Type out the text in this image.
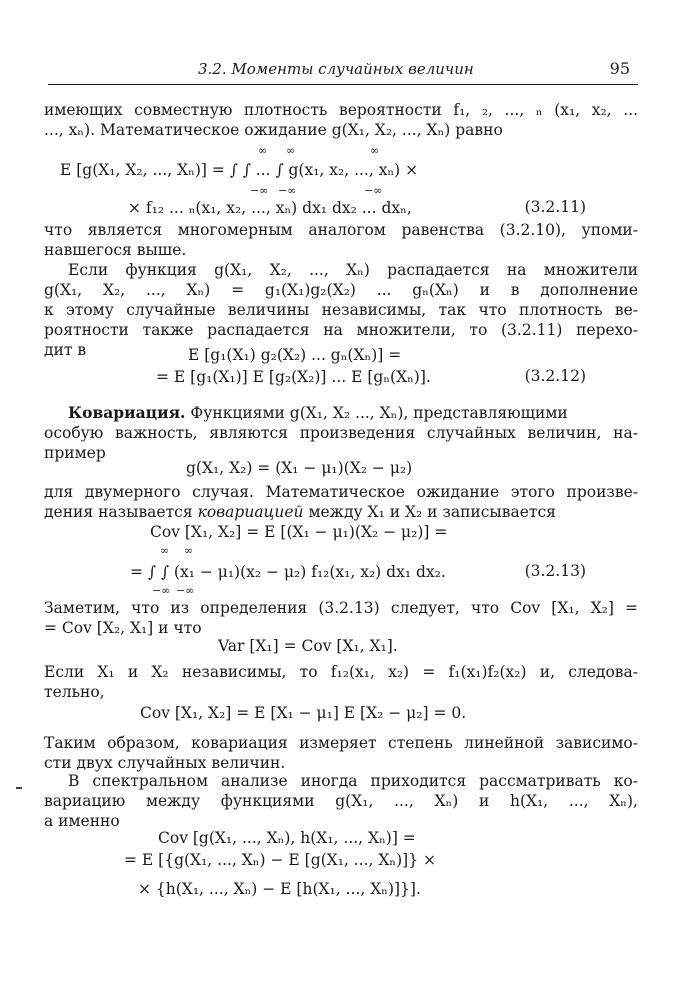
3.2. Моменты случайных величин	95
имеющих совместную плотность вероятности f₁, ₂, ..., ₙ (x₁, x₂, ...
..., xₙ). Математическое ожидание g(X₁, X₂, ..., Xₙ) равно
E [g(X₁, X₂, ..., Xₙ)] = ∫ ∫ ... ∫ g(x₁, x₂, ..., xₙ) ×
∞ ∞	∞
−∞ −∞	−∞
× f₁₂ ... ₙ(x₁, x₂, ..., xₙ) dx₁ dx₂ ... dxₙ,	(3.2.11)
что является многомерным аналогом равенства (3.2.10), упоми-
навшегося выше.
Если функция g(X₁, X₂, ..., Xₙ) распадается на множители
g(X₁, X₂, ..., Xₙ) = g₁(X₁)g₂(X₂) ... gₙ(Xₙ) и в дополнение
к этому случайные величины независимы, так что плотность ве-
роятности также распадается на множители, то (3.2.11) перехо-
дит в	E [g₁(X₁) g₂(X₂) ... gₙ(Xₙ)] =
= E [g₁(X₁)] E [g₂(X₂)] ... E [gₙ(Xₙ)].	(3.2.12)
Ковариация. Функциями g(X₁, X₂ ..., Xₙ), представляющими
особую важность, являются произведения случайных величин, на-
пример
g(X₁, X₂) = (X₁ − μ₁)(X₂ − μ₂)
для двумерного случая. Математическое ожидание этого произве-
дения называется ковариацией между X₁ и X₂ и записывается
Cov [X₁, X₂] = E [(X₁ − μ₁)(X₂ − μ₂)] =
= ∫ ∫ (x₁ − μ₁)(x₂ − μ₂) f₁₂(x₁, x₂) dx₁ dx₂.
∞ ∞
−∞ −∞
(3.2.13)
Заметим, что из определения (3.2.13) следует, что Cov [X₁, X₂] =
= Cov [X₂, X₁] и что
Var [X₁] = Cov [X₁, X₁].
Если X₁ и X₂ независимы, то f₁₂(x₁, x₂) = f₁(x₁)f₂(x₂) и, следова-
тельно,
Cov [X₁, X₂] = E [X₁ − μ₁] E [X₂ − μ₂] = 0.
Таким образом, ковариация измеряет степень линейной зависимо-
сти двух случайных величин.
В спектральном анализе иногда приходится рассматривать ко-
вариацию между функциями g(X₁, ..., Xₙ) и h(X₁, ..., Xₙ),
а именно
Cov [g(X₁, ..., Xₙ), h(X₁, ..., Xₙ)] =
= E [{g(X₁, ..., Xₙ) − E [g(X₁, ..., Xₙ)]} ×
× {h(X₁, ..., Xₙ) − E [h(X₁, ..., Xₙ)]}].
